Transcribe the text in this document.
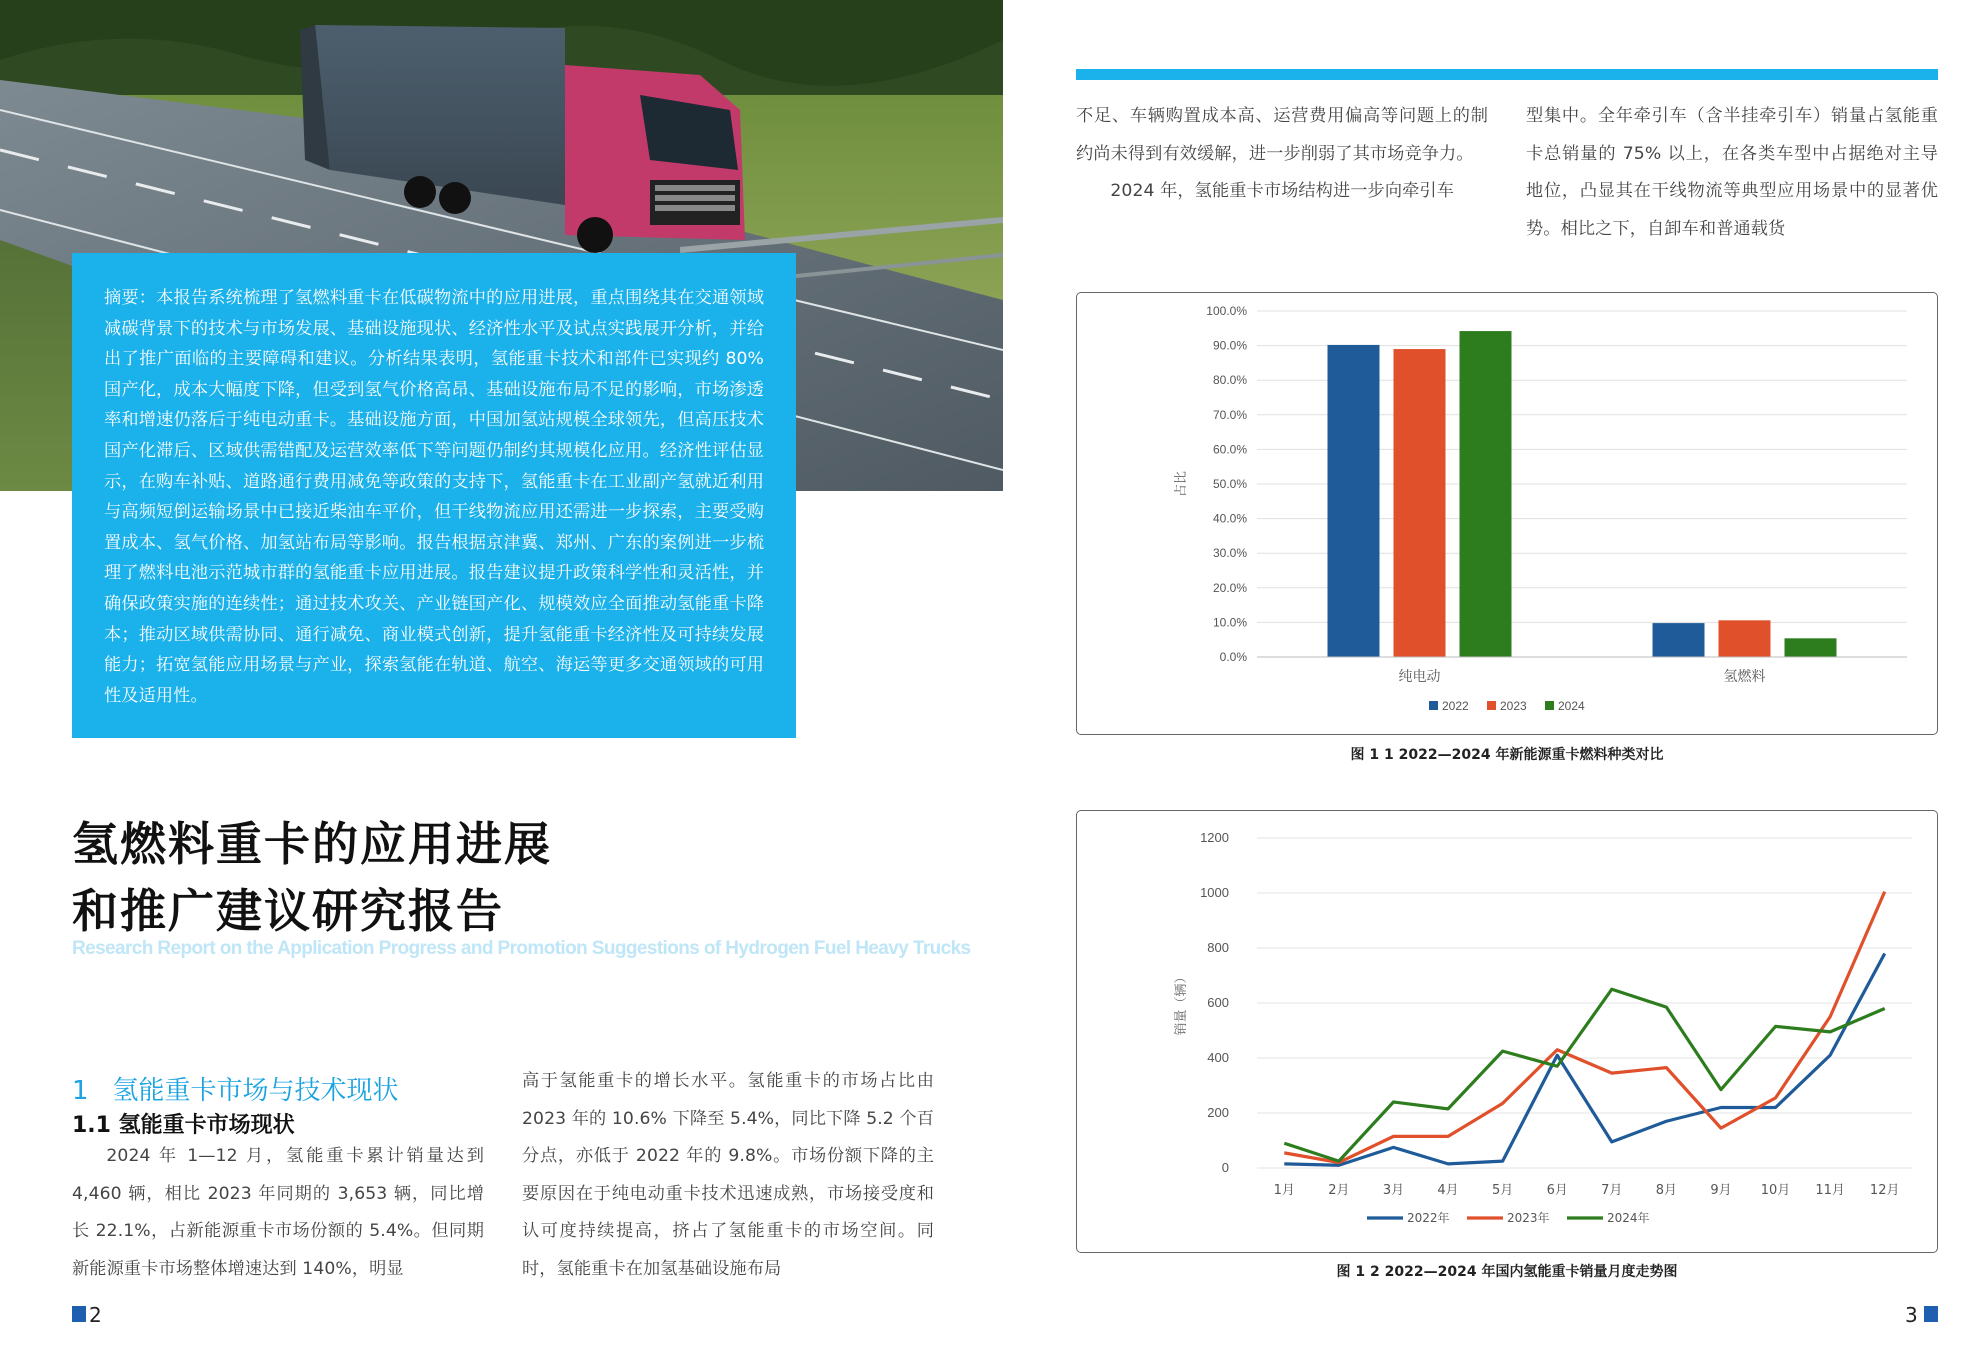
摘要：本报告系统梳理了氢燃料重卡在低碳物流中的应用进展，重点围绕其在交通领域减碳背景下的技术与市场发展、基础设施现状、经济性水平及试点实践展开分析，并给出了推广面临的主要障碍和建议。分析结果表明，氢能重卡技术和部件已实现约 80% 国产化，成本大幅度下降，但受到氢气价格高昂、基础设施布局不足的影响，市场渗透率和增速仍落后于纯电动重卡。基础设施方面，中国加氢站规模全球领先，但高压技术国产化滞后、区域供需错配及运营效率低下等问题仍制约其规模化应用。经济性评估显示，在购车补贴、道路通行费用减免等政策的支持下，氢能重卡在工业副产氢就近利用与高频短倒运输场景中已接近柴油车平价，但干线物流应用还需进一步探索，主要受购置成本、氢气价格、加氢站布局等影响。报告根据京津冀、郑州、广东的案例进一步梳理了燃料电池示范城市群的氢能重卡应用进展。报告建议提升政策科学性和灵活性，并确保政策实施的连续性；通过技术攻关、产业链国产化、规模效应全面推动氢能重卡降本；推动区域供需协同、通行减免、商业模式创新，提升氢能重卡经济性及可持续发展能力；拓宽氢能应用场景与产业，探索氢能在轨道、航空、海运等更多交通领域的可用性及适用性。
氢燃料重卡的应用进展
和推广建议研究报告
Research Report on the Application Progress and Promotion Suggestions of Hydrogen Fuel Heavy Trucks
1 氢能重卡市场与技术现状
1.1 氢能重卡市场现状
2024 年 1—12 月，氢能重卡累计销量达到 4,460 辆，相比 2023 年同期的 3,653 辆，同比增长 22.1%，占新能源重卡市场份额的 5.4%。但同期新能源重卡市场整体增速达到 140%，明显
高于氢能重卡的增长水平。氢能重卡的市场占比由 2023 年的 10.6% 下降至 5.4%，同比下降 5.2 个百分点，亦低于 2022 年的 9.8%。市场份额下降的主要原因在于纯电动重卡技术迅速成熟，市场接受度和认可度持续提高，挤占了氢能重卡的市场空间。同时，氢能重卡在加氢基础设施布局
2
不足、车辆购置成本高、运营费用偏高等问题上的制约尚未得到有效缓解，进一步削弱了其市场竞争力。
2024 年，氢能重卡市场结构进一步向牵引车
型集中。全年牵引车（含半挂牵引车）销量占氢能重卡总销量的 75% 以上，在各类车型中占据绝对主导地位，凸显其在干线物流等典型应用场景中的显著优势。相比之下，自卸车和普通载货
0.0%
10.0%
20.0%
30.0%
40.0%
50.0%
60.0%
70.0%
80.0%
90.0%
100.0%
占比
纯电动	氢燃料
2022	2023	2024
图 1 1 2022—2024 年新能源重卡燃料种类对比
0
200
400
600
800
1000
1200
销量（辆）
1月	2月	3月	4月	5月	6月	7月	8月	9月 10月 11月 12月
2022年	2023年	2024年
图 1 2 2022—2024 年国内氢能重卡销量月度走势图
3
